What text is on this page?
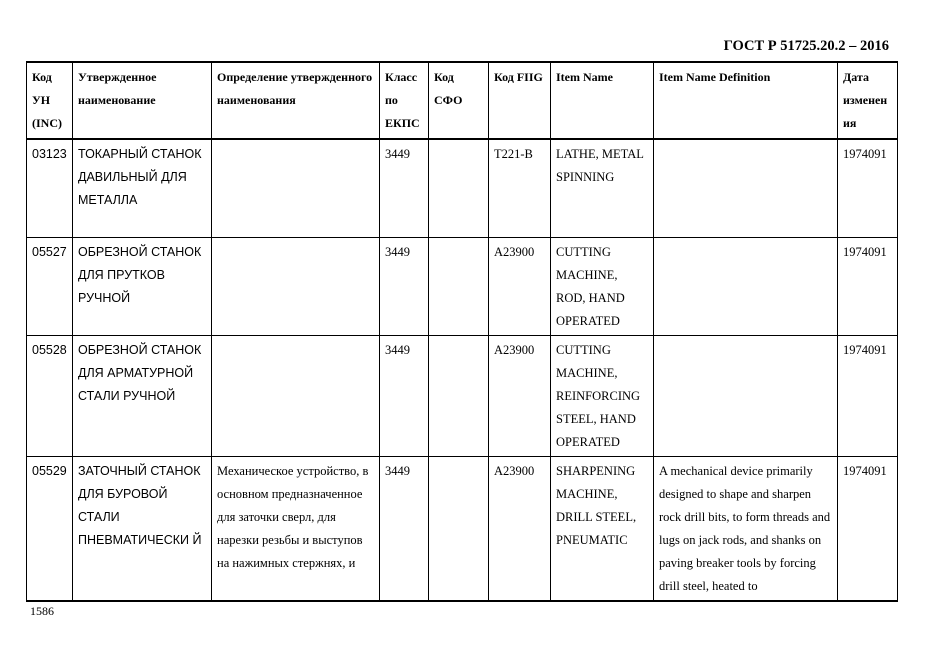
ГОСТ Р 51725.20.2 – 2016
Код УН (INC)	Утвержденное наименование	Определение утвержденного наименования	Класс по ЕКПС	Код СФО	Код FIIG	Item Name	Item Name Definition	Дата изменен ия
03123	ТОКАРНЫЙ СТАНОК ДАВИЛЬНЫЙ ДЛЯ МЕТАЛЛА		3449		T221-B	LATHE, METAL SPINNING		1974091
05527	ОБРЕЗНОЙ СТАНОК ДЛЯ ПРУТКОВ РУЧНОЙ		3449		A23900	CUTTING MACHINE, ROD, HAND OPERATED		1974091
05528	ОБРЕЗНОЙ СТАНОК ДЛЯ АРМАТУРНОЙ СТАЛИ РУЧНОЙ		3449		A23900	CUTTING MACHINE, REINFORCING STEEL, HAND OPERATED		1974091
05529	ЗАТОЧНЫЙ СТАНОК ДЛЯ БУРОВОЙ СТАЛИ ПНЕВМАТИЧЕСКИ Й	Механическое устройство, в основном предназначенное для заточки сверл, для нарезки резьбы и выступов на нажимных стержнях, и	3449		A23900	SHARPENING MACHINE, DRILL STEEL, PNEUMATIC	A mechanical device primarily designed to shape and sharpen rock drill bits, to form threads and lugs on jack rods, and shanks on paving breaker tools by forcing drill steel, heated to	1974091
1586
